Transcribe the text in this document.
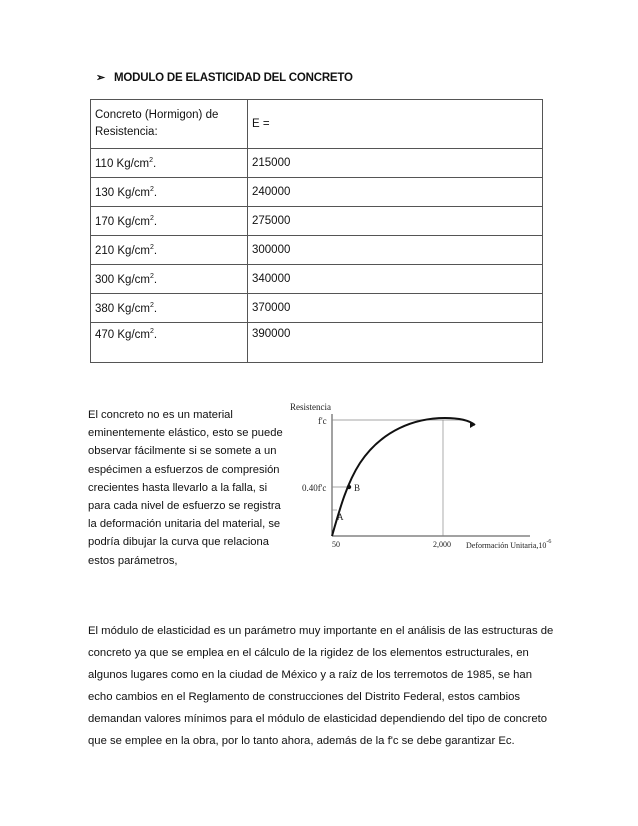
➢ MODULO DE ELASTICIDAD DEL CONCRETO
Concreto (Hormigon) de Resistencia:	E =
110 $Kg/cm^2$.	215000
130 $Kg/cm^2$.	240000
170 $Kg/cm^2$.	275000
210 $Kg/cm^2$.	300000
300 $Kg/cm^2$.	340000
380 $Kg/cm^2$.	370000
470 $Kg/cm^2$.	390000

El concreto no es un material eminentemente elástico, esto se puede observar fácilmente si se somete a un espécimen a esfuerzos de compresión crecientes hasta llevarlo a la falla, si para cada nivel de esfuerzo se registra la deformación unitaria del material, se podría dibujar la curva que relaciona estos parámetros,

Resistencia
f'c
0.40f'c	B
A
50	2,000 Deformación $Unitaria,10^{-6}$

El módulo de elasticidad es un parámetro muy importante en el análisis de las estructuras de concreto ya que se emplea en el cálculo de la rigidez de los elementos estructurales, en algunos lugares como en la ciudad de México y a raíz de los terremotos de 1985, se han echo cambios en el Reglamento de construcciones del Distrito Federal, estos cambios demandan valores mínimos para el módulo de elasticidad dependiendo del tipo de concreto que se emplee en la obra, por lo tanto ahora, además de la f'c se debe garantizar Ec.
